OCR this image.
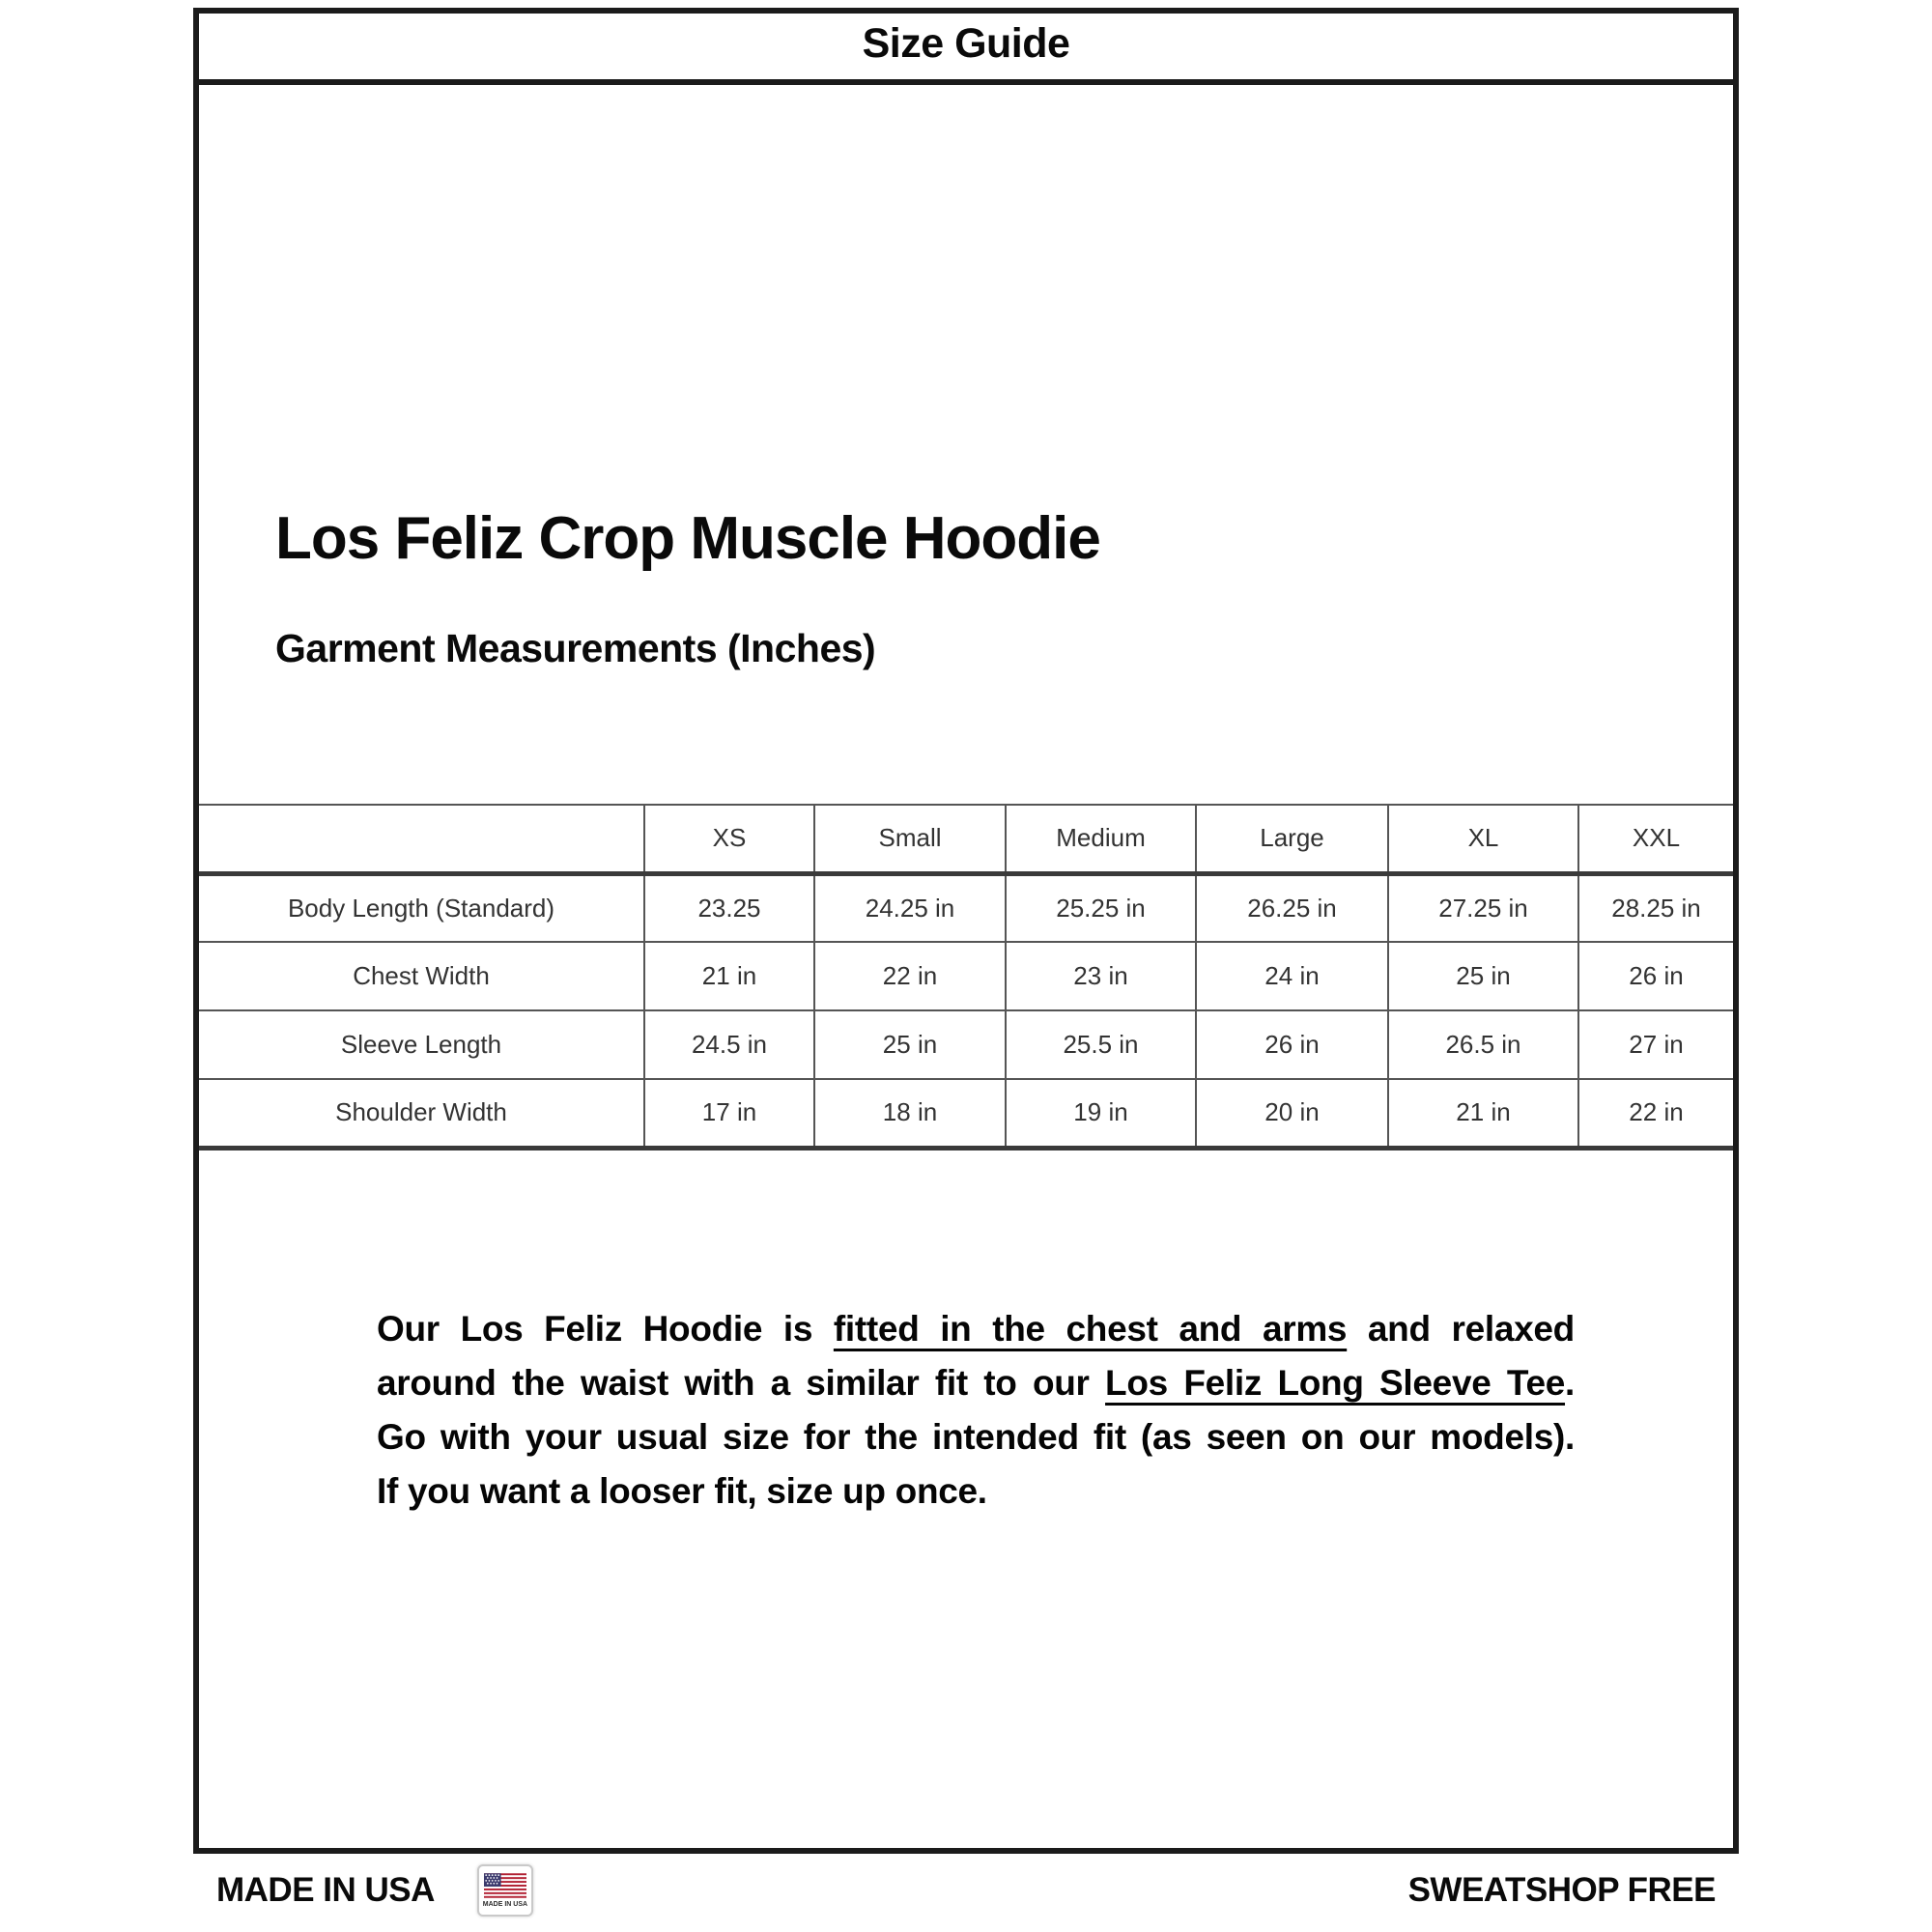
Size Guide
Los Feliz Crop Muscle Hoodie
Garment Measurements (Inches)
	XS	Small	Medium	Large	XL	XXL
Body Length (Standard)	23.25	24.25 in	25.25 in	26.25 in	27.25 in	28.25 in
Chest Width	21 in	22 in	23 in	24 in	25 in	26 in
Sleeve Length	24.5 in	25 in	25.5 in	26 in	26.5 in	27 in
Shoulder Width	17 in	18 in	19 in	20 in	21 in	22 in
Our Los Feliz Hoodie is fitted in the chest and arms and relaxed
around the waist with a similar fit to our Los Feliz Long Sleeve Tee.
Go with your usual size for the intended fit (as seen on our models).
If you want a looser fit, size up once.
MADE IN USA	MADE IN USA	SWEATSHOP FREE
